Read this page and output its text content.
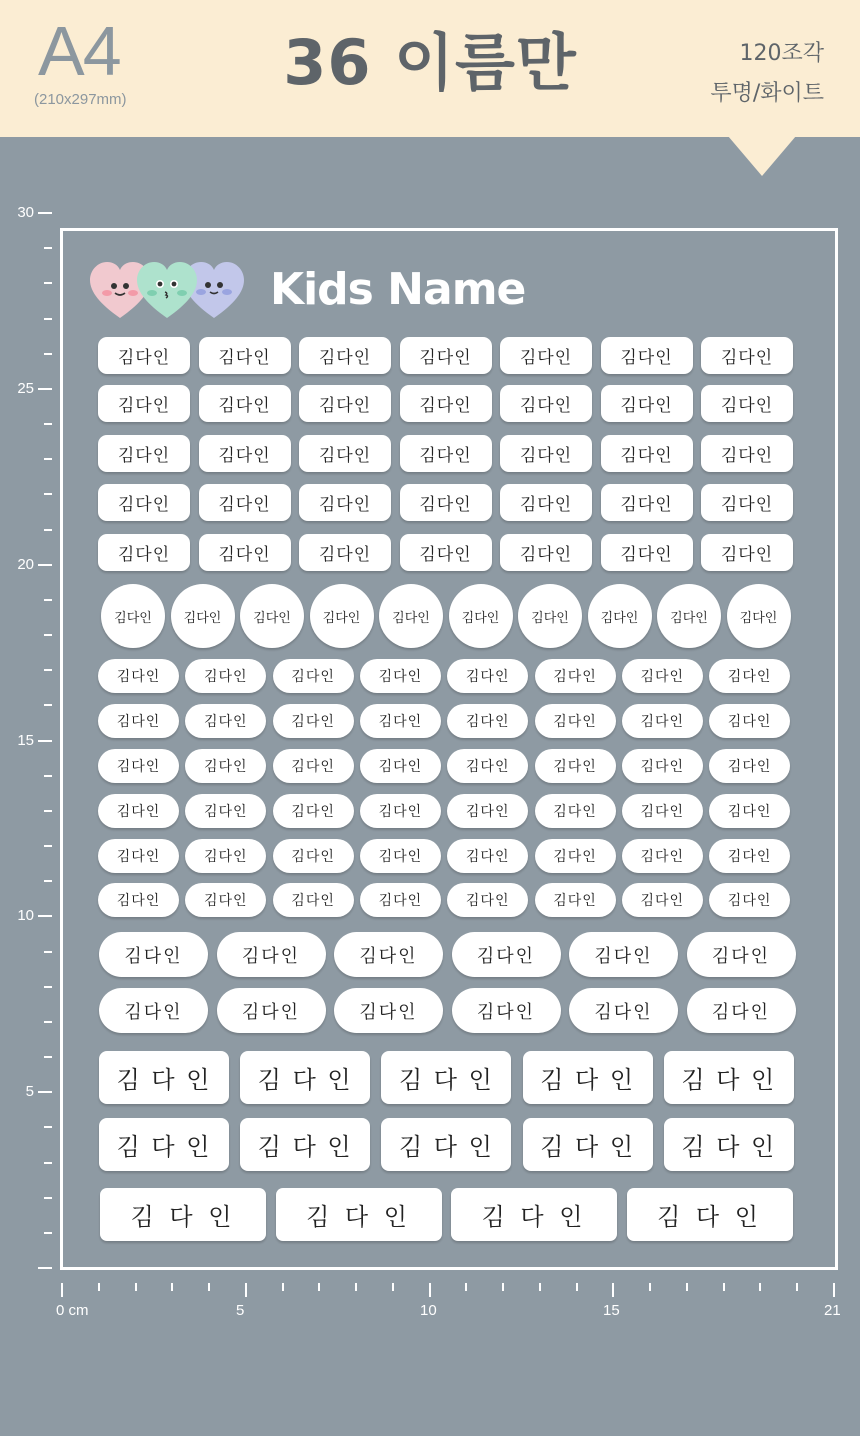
A4
(210x297mm)
36 이름만	120조각
투명/화이트
30
25
20
15
10
5
0 cm	5	10	15	21
Kids Name
김다인	김다인	김다인	김다인	김다인	김다인	김다인
김다인	김다인	김다인	김다인	김다인	김다인	김다인
김다인	김다인	김다인	김다인	김다인	김다인	김다인
김다인	김다인	김다인	김다인	김다인	김다인	김다인
김다인	김다인	김다인	김다인	김다인	김다인	김다인
김다인	김다인	김다인	김다인	김다인	김다인	김다인	김다인	김다인	김다인
김다인	김다인	김다인	김다인	김다인	김다인	김다인	김다인
김다인	김다인	김다인	김다인	김다인	김다인	김다인	김다인
김다인	김다인	김다인	김다인	김다인	김다인	김다인	김다인
김다인	김다인	김다인	김다인	김다인	김다인	김다인	김다인
김다인	김다인	김다인	김다인	김다인	김다인	김다인	김다인
김다인	김다인	김다인	김다인	김다인	김다인	김다인	김다인
김다인	김다인	김다인	김다인	김다인	김다인
김다인	김다인	김다인	김다인	김다인	김다인
김 다 인	김 다 인	김 다 인	김 다 인	김 다 인
김 다 인	김 다 인	김 다 인	김 다 인	김 다 인
김 다 인	김 다 인	김 다 인	김 다 인
